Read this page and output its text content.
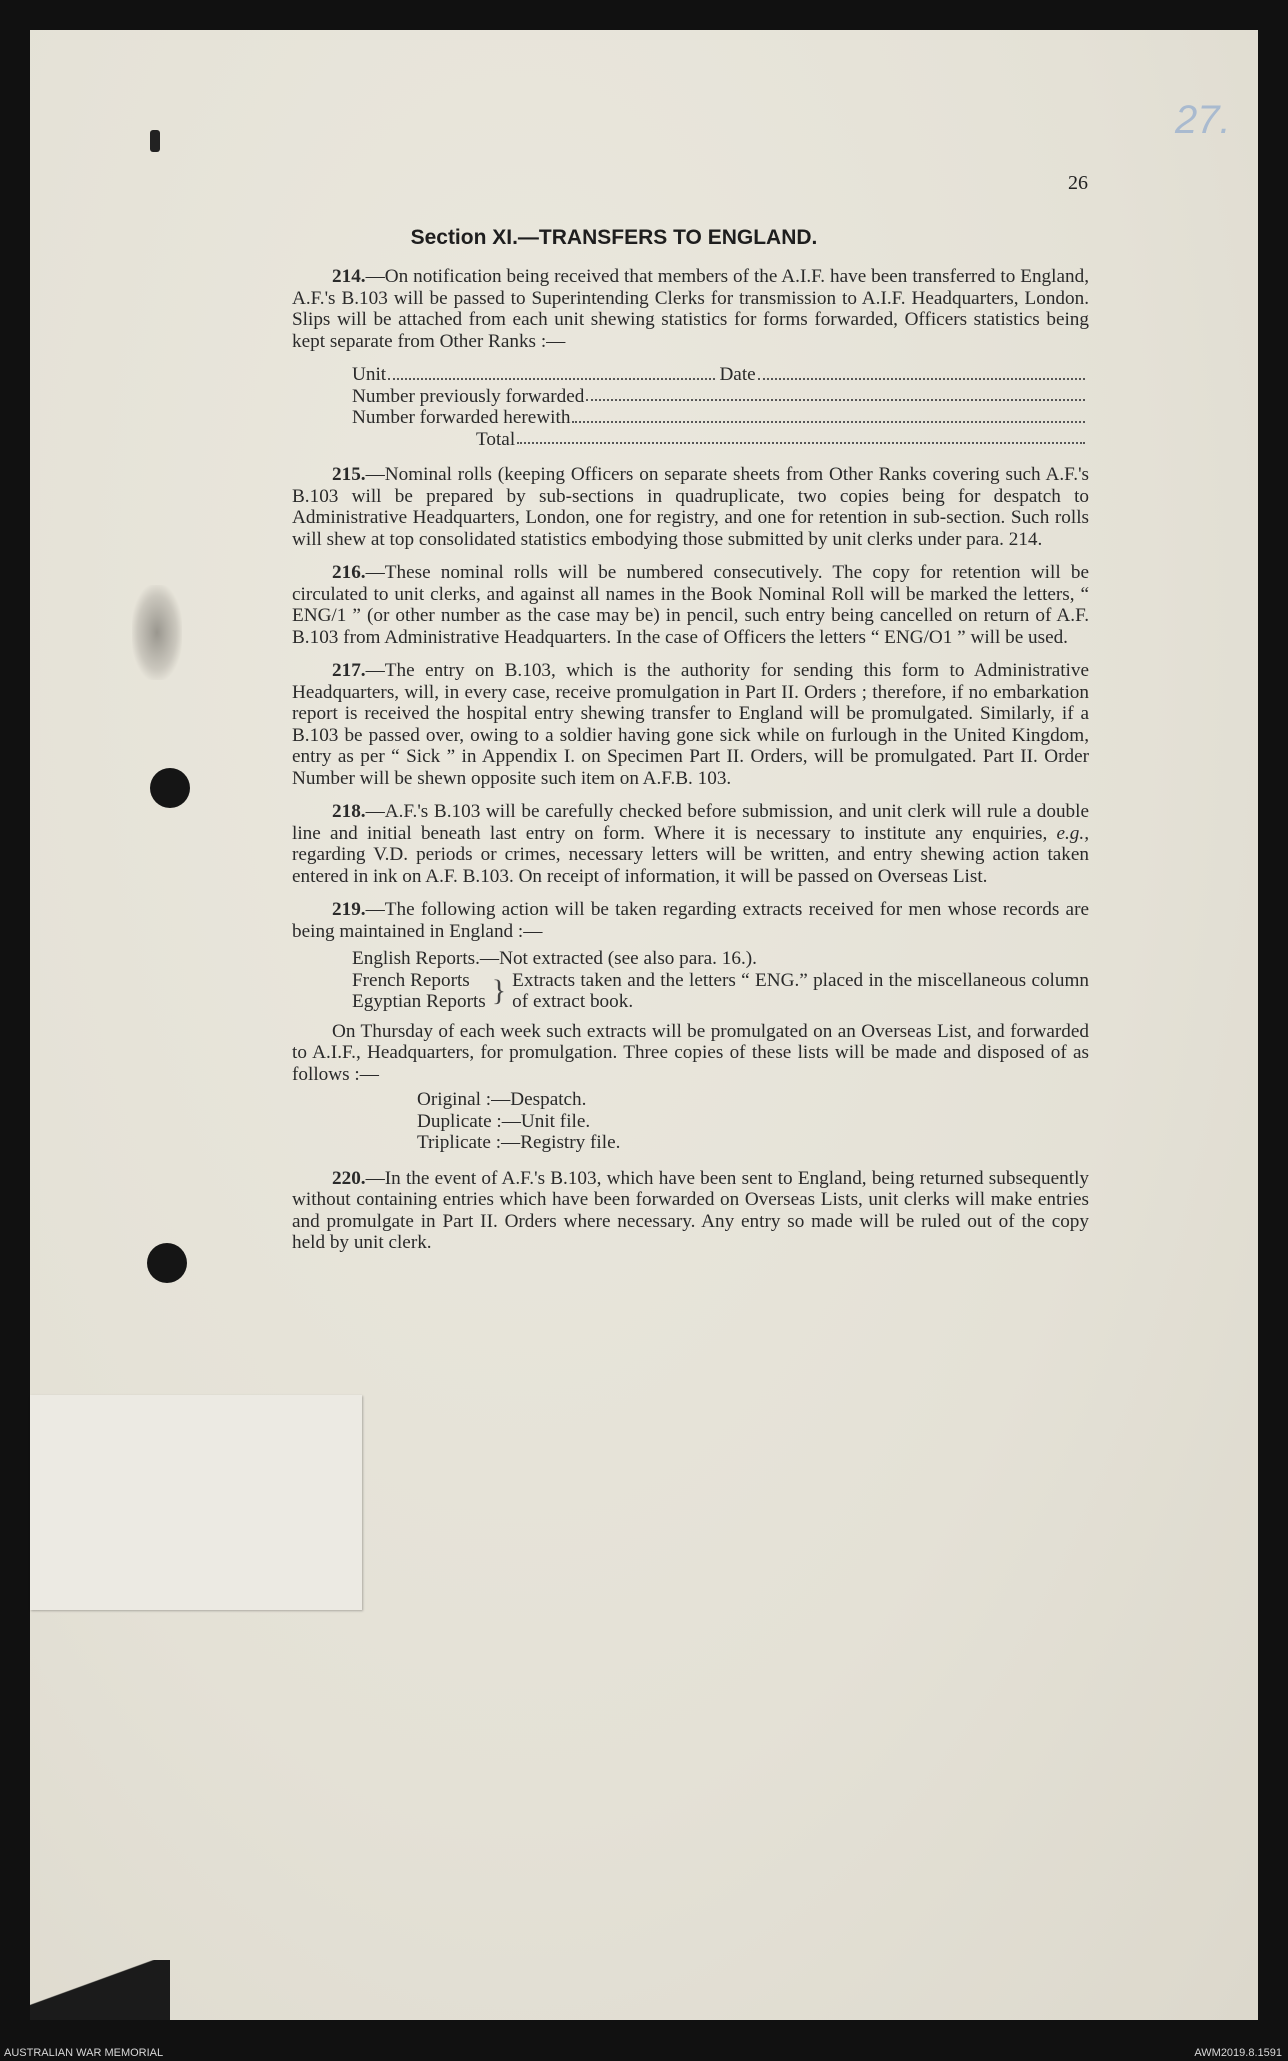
27.
26
Section XI.—TRANSFERS TO ENGLAND.

214.—On notification being received that members of the A.I.F. have been transferred to England, A.F.'s B.103 will be passed to Superintending Clerks for transmission to A.I.F. Headquarters, London. Slips will be attached from each unit shewing statistics for forms forwarded, Officers statistics being kept separate from Other Ranks :—

Unit	Date
Number previously forwarded
Number forwarded herewith
Total

215.—Nominal rolls (keeping Officers on separate sheets from Other Ranks covering such A.F.'s B.103 will be prepared by sub-sections in quadruplicate, two copies being for despatch to Administrative Headquarters, London, one for registry, and one for retention in sub-section. Such rolls will shew at top consolidated statistics embodying those submitted by unit clerks under para. 214.

216.—These nominal rolls will be numbered consecutively. The copy for retention will be circulated to unit clerks, and against all names in the Book Nominal Roll will be marked the letters, “ ENG/1 ” (or other number as the case may be) in pencil, such entry being cancelled on return of A.F. B.103 from Administrative Headquarters. In the case of Officers the letters “ ENG/O1 ” will be used.

217.—The entry on B.103, which is the authority for sending this form to Administrative Headquarters, will, in every case, receive promulgation in Part II. Orders ; therefore, if no embarkation report is received the hospital entry shewing transfer to England will be promulgated. Similarly, if a B.103 be passed over, owing to a soldier having gone sick while on furlough in the United Kingdom, entry as per “ Sick ” in Appendix I. on Specimen Part II. Orders, will be promulgated. Part II. Order Number will be shewn opposite such item on A.F.B. 103.

218.—A.F.'s B.103 will be carefully checked before submission, and unit clerk will rule a double line and initial beneath last entry on form. Where it is necessary to institute any enquiries, e.g., regarding V.D. periods or crimes, necessary letters will be written, and entry shewing action taken entered in ink on A.F. B.103. On receipt of information, it will be passed on Overseas List.

219.—The following action will be taken regarding extracts received for men whose records are being maintained in England :—

English Reports.—Not extracted (see also para. 16.).
French Reports
Egyptian Reports } Extracts taken and the letters “ ENG.” placed in the miscellaneous column of extract book.

On Thursday of each week such extracts will be promulgated on an Overseas List, and forwarded to A.I.F., Headquarters, for promulgation. Three copies of these lists will be made and disposed of as follows :—

Original :—Despatch.
Duplicate :—Unit file.
Triplicate :—Registry file.

220.—In the event of A.F.'s B.103, which have been sent to England, being returned subsequently without containing entries which have been forwarded on Overseas Lists, unit clerks will make entries and promulgate in Part II. Orders where necessary. Any entry so made will be ruled out of the copy held by unit clerk.

AUSTRALIAN WAR MEMORIAL	AWM2019.8.1591
